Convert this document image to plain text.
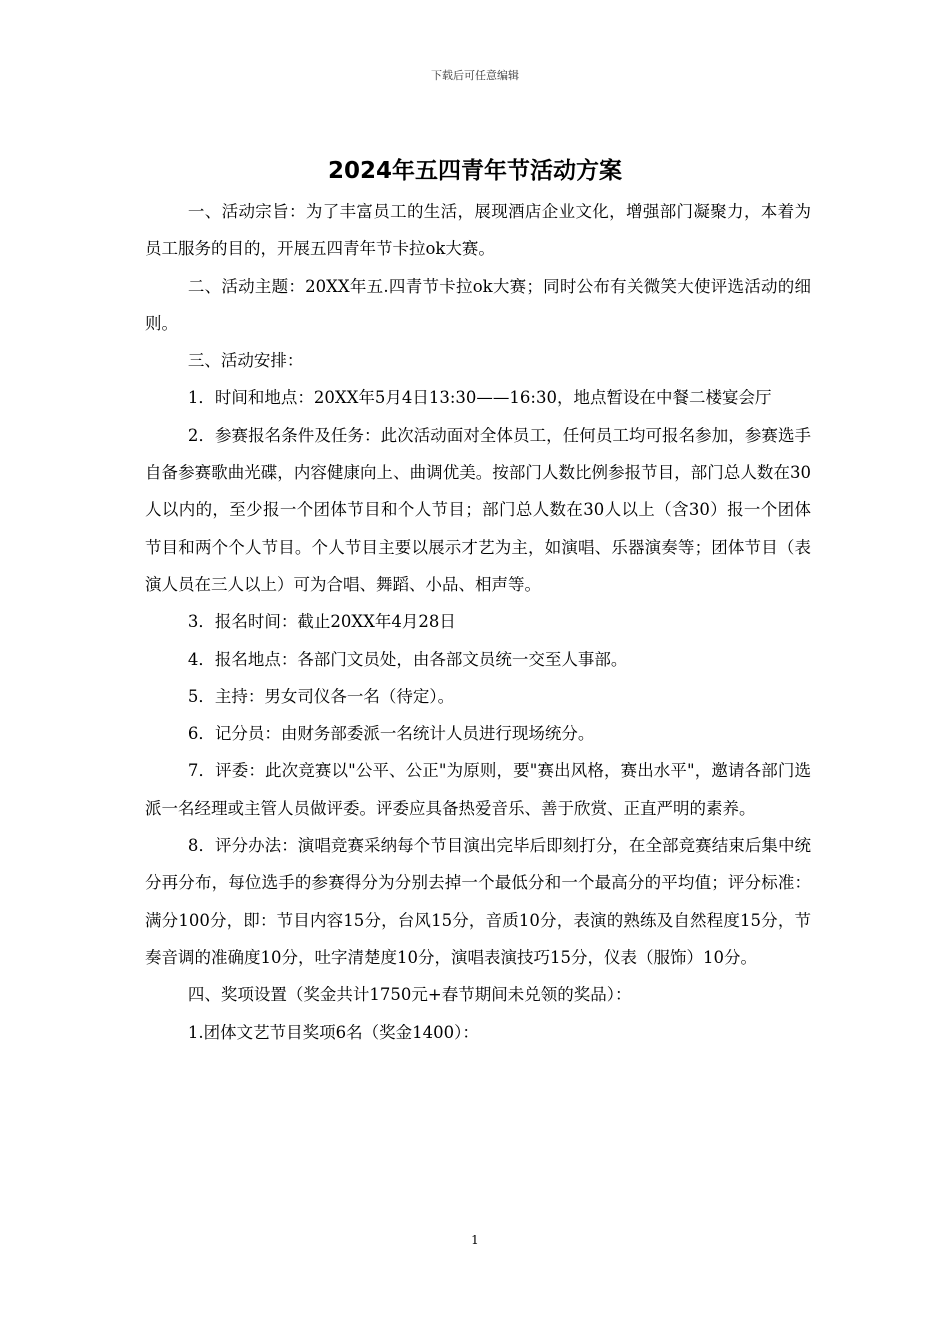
下载后可任意编辑
2024年五四青年节活动方案

一、活动宗旨：为了丰富员工的生活，展现酒店企业文化，增强部门凝聚力，本着为员工服务的目的，开展五四青年节卡拉ok大赛。

二、活动主题：20XX年五.四青节卡拉ok大赛；同时公布有关微笑大使评选活动的细则。

三、活动安排：

1．时间和地点：20XX年5月4日13:30——16:30，地点暂设在中餐二楼宴会厅

2．参赛报名条件及任务：此次活动面对全体员工，任何员工均可报名参加，参赛选手自备参赛歌曲光碟，内容健康向上、曲调优美。按部门人数比例参报节目，部门总人数在30人以内的，至少报一个团体节目和个人节目；部门总人数在30人以上（含30）报一个团体节目和两个个人节目。个人节目主要以展示才艺为主，如演唱、乐器演奏等；团体节目（表演人员在三人以上）可为合唱、舞蹈、小品、相声等。

3．报名时间：截止20XX年4月28日

4．报名地点：各部门文员处，由各部文员统一交至人事部。

5．主持：男女司仪各一名（待定）。

6．记分员：由财务部委派一名统计人员进行现场统分。

7．评委：此次竞赛以"公平、公正"为原则，要"赛出风格，赛出水平"，邀请各部门选派一名经理或主管人员做评委。评委应具备热爱音乐、善于欣赏、正直严明的素养。

8．评分办法：演唱竞赛采纳每个节目演出完毕后即刻打分，在全部竞赛结束后集中统分再分布，每位选手的参赛得分为分别去掉一个最低分和一个最高分的平均值；评分标准：满分100分，即：节目内容15分，台风15分，音质10分，表演的熟练及自然程度15分，节奏音调的准确度10分，吐字清楚度10分，演唱表演技巧15分，仪表（服饰）10分。

四、奖项设置（奖金共计1750元+春节期间未兑领的奖品）：

1.团体文艺节目奖项6名（奖金1400）：

1
